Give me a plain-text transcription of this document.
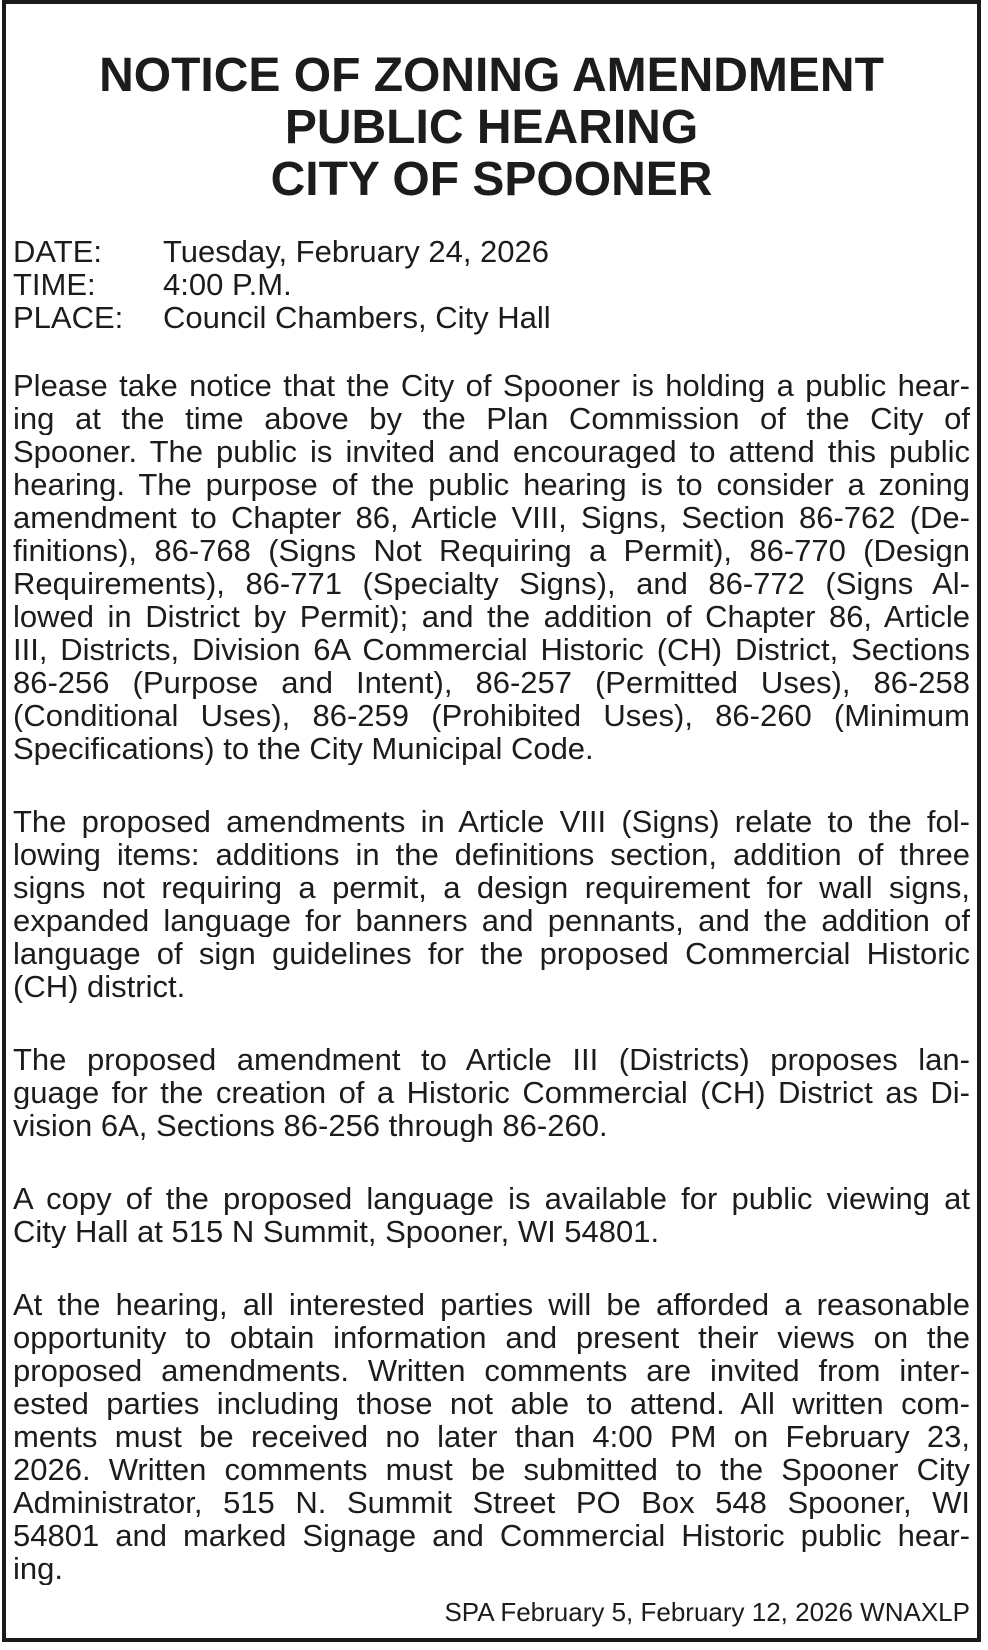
NOTICE OF ZONING AMENDMENT
PUBLIC HEARING
CITY OF SPOONER
DATE:	Tuesday, February 24, 2026
TIME:	4:00 P.M.
PLACE:	Council Chambers, City Hall
Please take notice that the City of Spooner is holding a public hear-
ing at the time above by the Plan Commission of the City of
Spooner. The public is invited and encouraged to attend this public
hearing. The purpose of the public hearing is to consider a zoning
amendment to Chapter 86, Article VIII, Signs, Section 86-762 (De-
finitions), 86-768 (Signs Not Requiring a Permit), 86-770 (Design
Requirements), 86-771 (Specialty Signs), and 86-772 (Signs Al-
lowed in District by Permit); and the addition of Chapter 86, Article
III, Districts, Division 6A Commercial Historic (CH) District, Sections
86-256 (Purpose and Intent), 86-257 (Permitted Uses), 86-258
(Conditional Uses), 86-259 (Prohibited Uses), 86-260 (Minimum
Specifications) to the City Municipal Code.
The proposed amendments in Article VIII (Signs) relate to the fol-
lowing items: additions in the definitions section, addition of three
signs not requiring a permit, a design requirement for wall signs,
expanded language for banners and pennants, and the addition of
language of sign guidelines for the proposed Commercial Historic
(CH) district.
The proposed amendment to Article III (Districts) proposes lan-
guage for the creation of a Historic Commercial (CH) District as Di-
vision 6A, Sections 86-256 through 86-260.
A copy of the proposed language is available for public viewing at
City Hall at 515 N Summit, Spooner, WI 54801.
At the hearing, all interested parties will be afforded a reasonable
opportunity to obtain information and present their views on the
proposed amendments. Written comments are invited from inter-
ested parties including those not able to attend. All written com-
ments must be received no later than 4:00 PM on February 23,
2026. Written comments must be submitted to the Spooner City
Administrator, 515 N. Summit Street PO Box 548 Spooner, WI
54801 and marked Signage and Commercial Historic public hear-
ing.
SPA February 5, February 12, 2026 WNAXLP
